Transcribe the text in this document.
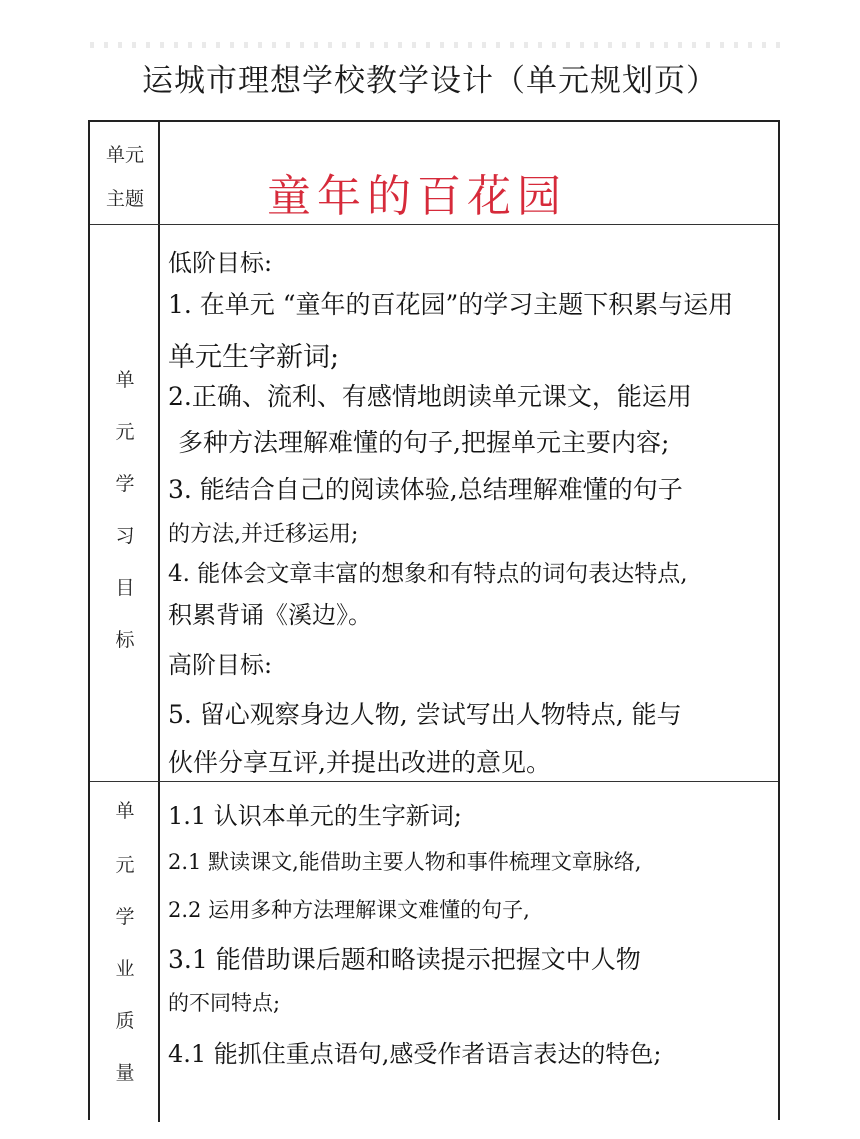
运城市理想学校教学设计（单元规划页）
单元
主题	童年的百花园
单
元
学
习
目
标
低阶目标:
1. 在单元 “童年的百花园”的学习主题下积累与运用
单元生字新词;
2.正确、流利、有感情地朗读单元课文，能运用
多种方法理解难懂的句子,把握单元主要内容;
3. 能结合自己的阅读体验,总结理解难懂的句子
的方法,并迁移运用;
4. 能体会文章丰富的想象和有特点的词句表达特点,
积累背诵《溪边》。
高阶目标:
5. 留心观察身边人物, 尝试写出人物特点, 能与
伙伴分享互评,并提出改进的意见。
单
元
学
业
质
量
1.1 认识本单元的生字新词;
2.1 默读课文,能借助主要人物和事件梳理文章脉络,
2.2 运用多种方法理解课文难懂的句子,
3.1 能借助课后题和略读提示把握文中人物
的不同特点;
4.1 能抓住重点语句,感受作者语言表达的特色;
